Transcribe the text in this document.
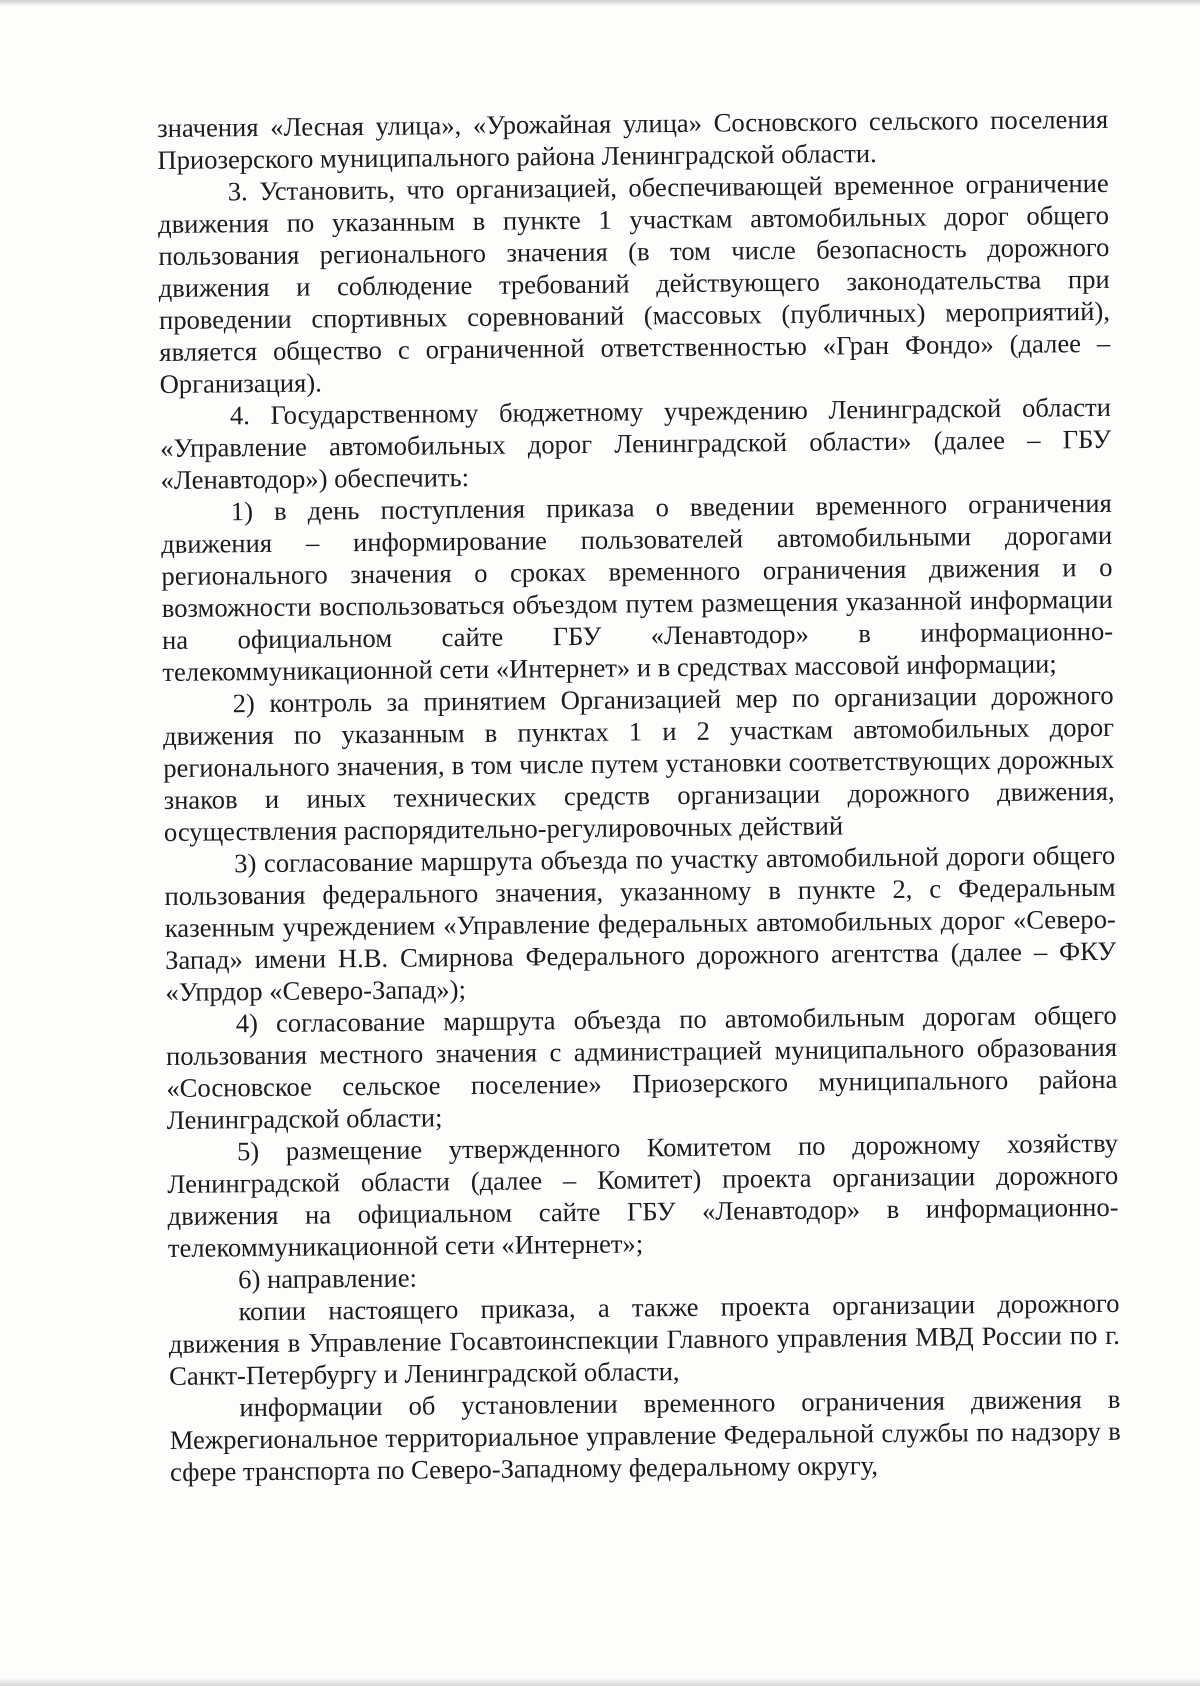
значения «Лесная улица», «Урожайная улица» Сосновского сельского поселения Приозерского муниципального района Ленинградской области.

3. Установить, что организацией, обеспечивающей временное ограничение движения по указанным в пункте 1 участкам автомобильных дорог общего пользования регионального значения (в том числе безопасность дорожного движения и соблюдение требований действующего законодательства при проведении спортивных соревнований (массовых (публичных) мероприятий), является общество с ограниченной ответственностью «Гран Фондо» (далее – Организация).

4. Государственному бюджетному учреждению Ленинградской области «Управление автомобильных дорог Ленинградской области» (далее – ГБУ «Ленавтодор») обеспечить:

1) в день поступления приказа о введении временного ограничения движения – информирование пользователей автомобильными дорогами регионального значения о сроках временного ограничения движения и о возможности воспользоваться объездом путем размещения указанной информации на официальном сайте ГБУ «Ленавтодор» в информационно-телекоммуникационной сети «Интернет» и в средствах массовой информации;

2) контроль за принятием Организацией мер по организации дорожного движения по указанным в пунктах 1 и 2 участкам автомобильных дорог регионального значения, в том числе путем установки соответствующих дорожных знаков и иных технических средств организации дорожного движения, осуществления распорядительно-регулировочных действий

3) согласование маршрута объезда по участку автомобильной дороги общего пользования федерального значения, указанному в пункте 2, с Федеральным казенным учреждением «Управление федеральных автомобильных дорог «Северо-Запад» имени Н.В. Смирнова Федерального дорожного агентства (далее – ФКУ «Упрдор «Северо-Запад»);

4) согласование маршрута объезда по автомобильным дорогам общего пользования местного значения с администрацией муниципального образования «Сосновское сельское поселение» Приозерского муниципального района Ленинградской области;

5) размещение утвержденного Комитетом по дорожному хозяйству Ленинградской области (далее – Комитет) проекта организации дорожного движения на официальном сайте ГБУ «Ленавтодор» в информационно-телекоммуникационной сети «Интернет»;

6) направление:

копии настоящего приказа, а также проекта организации дорожного движения в Управление Госавтоинспекции Главного управления МВД России по г. Санкт-Петербургу и Ленинградской области,

информации об установлении временного ограничения движения в Межрегиональное территориальное управление Федеральной службы по надзору в сфере транспорта по Северо-Западному федеральному округу,
